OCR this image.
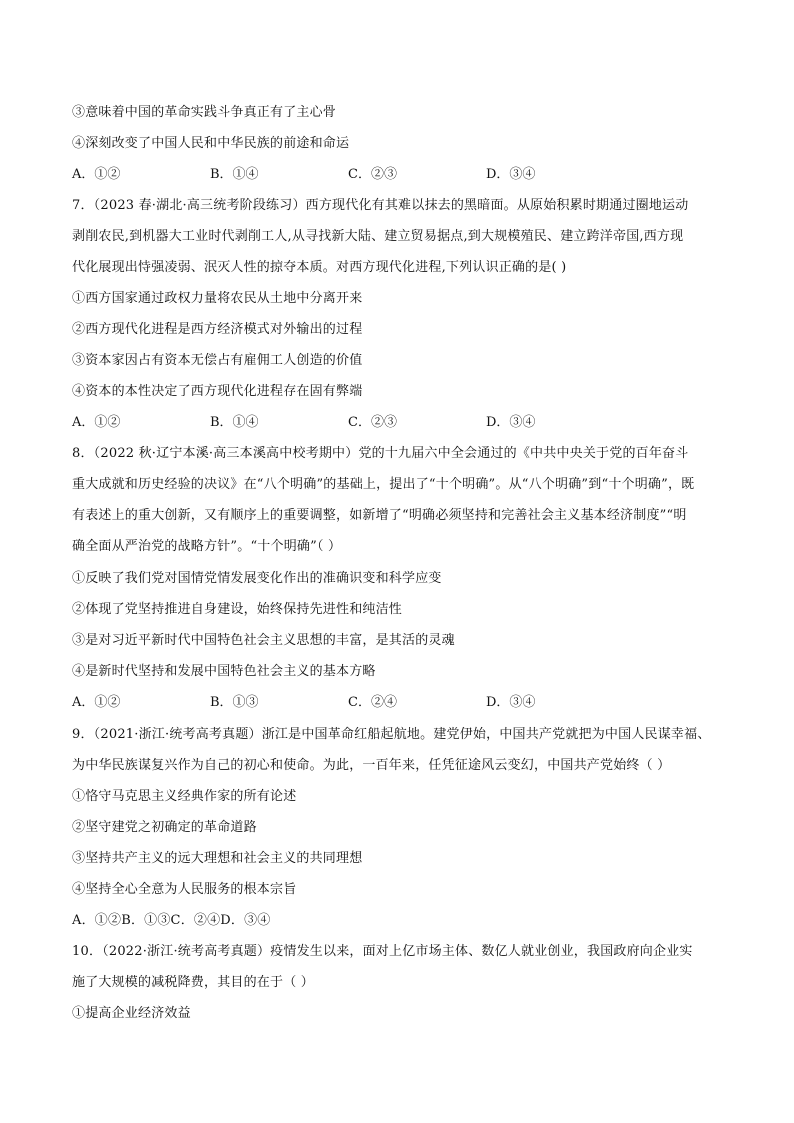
③意味着中国的革命实践斗争真正有了主心骨
④深刻改变了中国人民和中华民族的前途和命运
A．①②	B．①④	C．②③	D．③④
7．（2023 春·湖北·高三统考阶段练习）西方现代化有其难以抹去的黑暗面。从原始积累时期通过圈地运动
剥削农民,到机器大工业时代剥削工人,从寻找新大陆、建立贸易据点,到大规模殖民、建立跨洋帝国,西方现
代化展现出恃强凌弱、泯灭人性的掠夺本质。对西方现代化进程,下列认识正确的是( )
①西方国家通过政权力量将农民从土地中分离开来
②西方现代化进程是西方经济模式对外输出的过程
③资本家因占有资本无偿占有雇佣工人创造的价值
④资本的本性决定了西方现代化进程存在固有弊端
A．①②	B．①④	C．②③	D．③④
8．（2022 秋·辽宁本溪·高三本溪高中校考期中）党的十九届六中全会通过的《中共中央关于党的百年奋斗
重大成就和历史经验的决议》在“八个明确”的基础上，提出了“十个明确”。从“八个明确”到“十个明确”，既
有表述上的重大创新，又有顺序上的重要调整，如新增了“明确必须坚持和完善社会主义基本经济制度”“明
确全面从严治党的战略方针”。“十个明确”（ ）
①反映了我们党对国情党情发展变化作出的准确识变和科学应变
②体现了党坚持推进自身建设，始终保持先进性和纯洁性
③是对习近平新时代中国特色社会主义思想的丰富，是其活的灵魂
④是新时代坚持和发展中国特色社会主义的基本方略
A．①②	B．①③	C．②④	D．③④
9．（2021·浙江·统考高考真题）浙江是中国革命红船起航地。建党伊始，中国共产党就把为中国人民谋幸福、
为中华民族谋复兴作为自己的初心和使命。为此，一百年来，任凭征途风云变幻，中国共产党始终（ ）
①恪守马克思主义经典作家的所有论述
②坚守建党之初确定的革命道路
③坚持共产主义的远大理想和社会主义的共同理想
④坚持全心全意为人民服务的根本宗旨
A．①②B．①③C．②④D．③④
10．（2022·浙江·统考高考真题）疫情发生以来，面对上亿市场主体、数亿人就业创业，我国政府向企业实
施了大规模的减税降费，其目的在于（ ）
①提高企业经济效益
